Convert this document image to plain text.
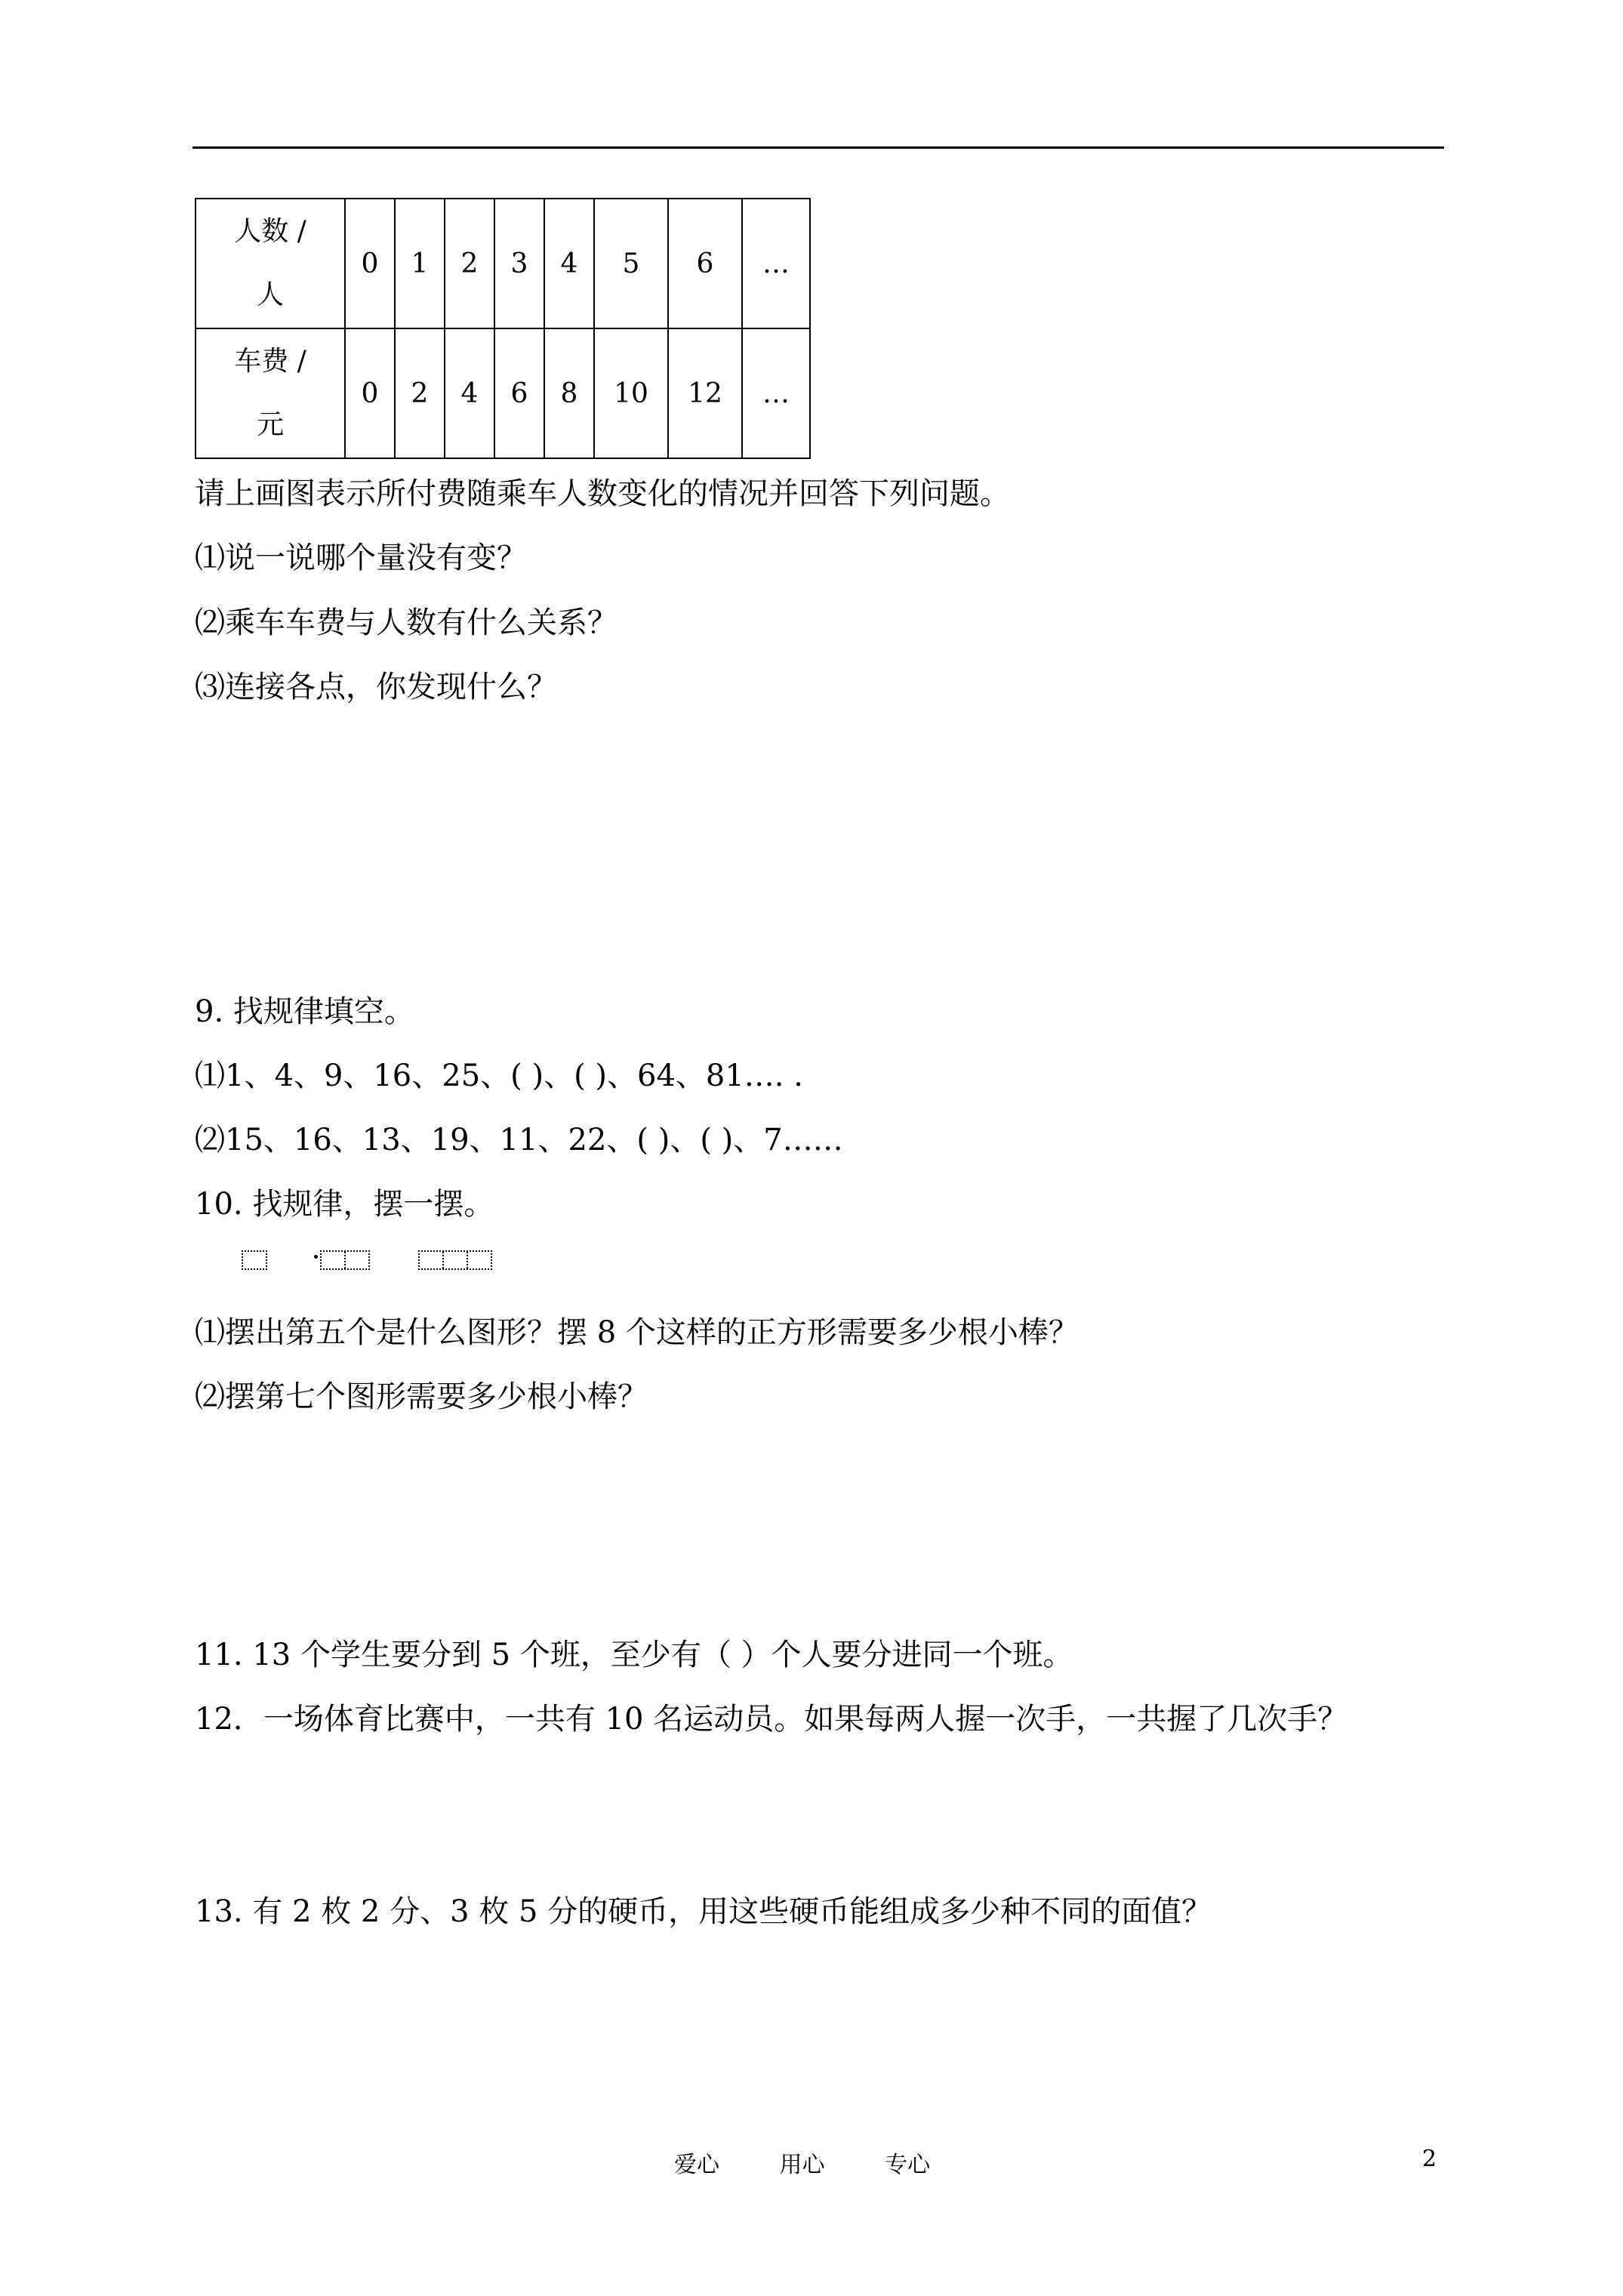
人数 /
人	0	1	2	3	4	5	6	…
车费 /
元	0	2	4	6	8	10	12	…
请上画图表示所付费随乘车人数变化的情况并回答下列问题。
⑴说一说哪个量没有变？
⑵乘车车费与人数有什么关系？
⑶连接各点，你发现什么？
9. 找规律填空。
⑴1、4、9、16、25、( )、( )、64、81…. .
⑵15、16、13、19、11、22、( )、( )、7……
10. 找规律，摆一摆。
⑴摆出第五个是什么图形？摆 8 个这样的正方形需要多少根小棒？
⑵摆第七个图形需要多少根小棒？
11. 13 个学生要分到 5 个班，至少有（ ）个人要分进同一个班。
12．一场体育比赛中，一共有 10 名运动员。如果每两人握一次手，一共握了几次手？
13. 有 2 枚 2 分、3 枚 5 分的硬币，用这些硬币能组成多少种不同的面值？
爱心	用心	专心	2
